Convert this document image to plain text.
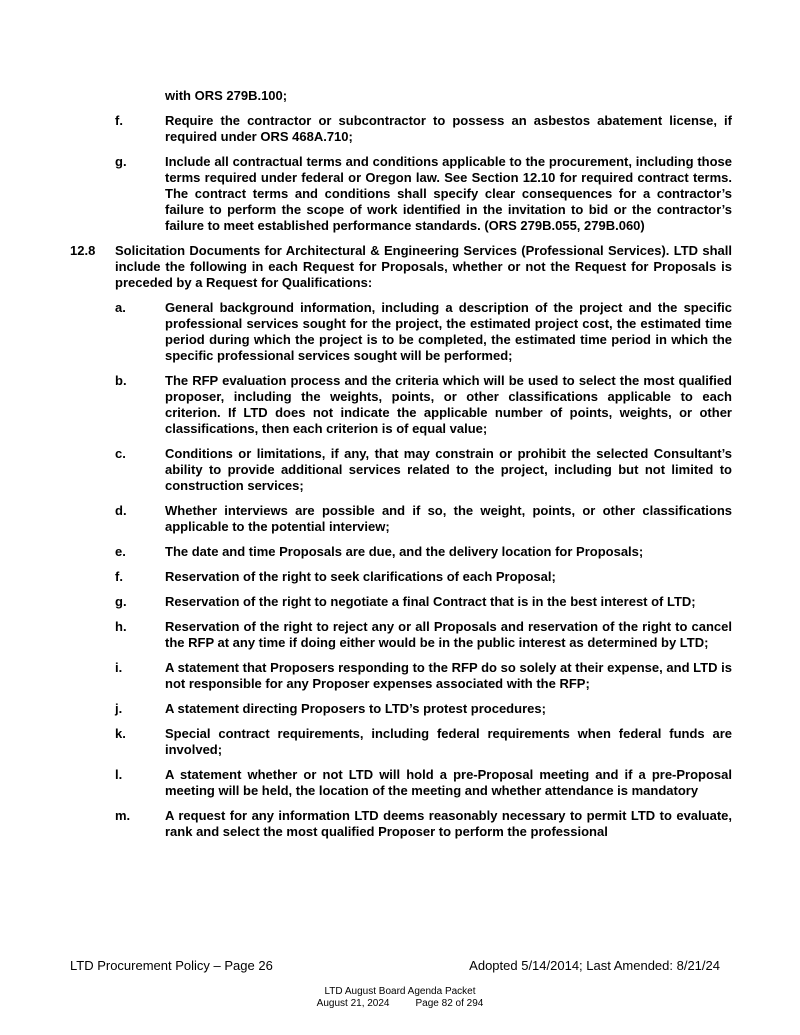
with ORS 279B.100;
f.	Require the contractor or subcontractor to possess an asbestos abatement license, if required under ORS 468A.710;
g.	Include all contractual terms and conditions applicable to the procurement, including those terms required under federal or Oregon law. See Section 12.10 for required contract terms. The contract terms and conditions shall specify clear consequences for a contractor’s failure to perform the scope of work identified in the invitation to bid or the contractor’s failure to meet established performance standards. (ORS 279B.055, 279B.060)
12.8	Solicitation Documents for Architectural & Engineering Services (Professional Services). LTD shall include the following in each Request for Proposals, whether or not the Request for Proposals is preceded by a Request for Qualifications:
a.	General background information, including a description of the project and the specific professional services sought for the project, the estimated project cost, the estimated time period during which the project is to be completed, the estimated time period in which the specific professional services sought will be performed;
b.	The RFP evaluation process and the criteria which will be used to select the most qualified proposer, including the weights, points, or other classifications applicable to each criterion. If LTD does not indicate the applicable number of points, weights, or other classifications, then each criterion is of equal value;
c.	Conditions or limitations, if any, that may constrain or prohibit the selected Consultant’s ability to provide additional services related to the project, including but not limited to construction services;
d.	Whether interviews are possible and if so, the weight, points, or other classifications applicable to the potential interview;
e.	The date and time Proposals are due, and the delivery location for Proposals;
f.	Reservation of the right to seek clarifications of each Proposal;
g.	Reservation of the right to negotiate a final Contract that is in the best interest of LTD;
h.	Reservation of the right to reject any or all Proposals and reservation of the right to cancel the RFP at any time if doing either would be in the public interest as determined by LTD;
i.	A statement that Proposers responding to the RFP do so solely at their expense, and LTD is not responsible for any Proposer expenses associated with the RFP;
j.	A statement directing Proposers to LTD’s protest procedures;
k.	Special contract requirements, including federal requirements when federal funds are involved;
l.	A statement whether or not LTD will hold a pre-Proposal meeting and if a pre-Proposal meeting will be held, the location of the meeting and whether attendance is mandatory
m.	A request for any information LTD deems reasonably necessary to permit LTD to evaluate, rank and select the most qualified Proposer to perform the professional
LTD Procurement Policy – Page 26	Adopted 5/14/2014; Last Amended: 8/21/24
LTD August Board Agenda Packet
August 21, 2024	Page 82 of 294
